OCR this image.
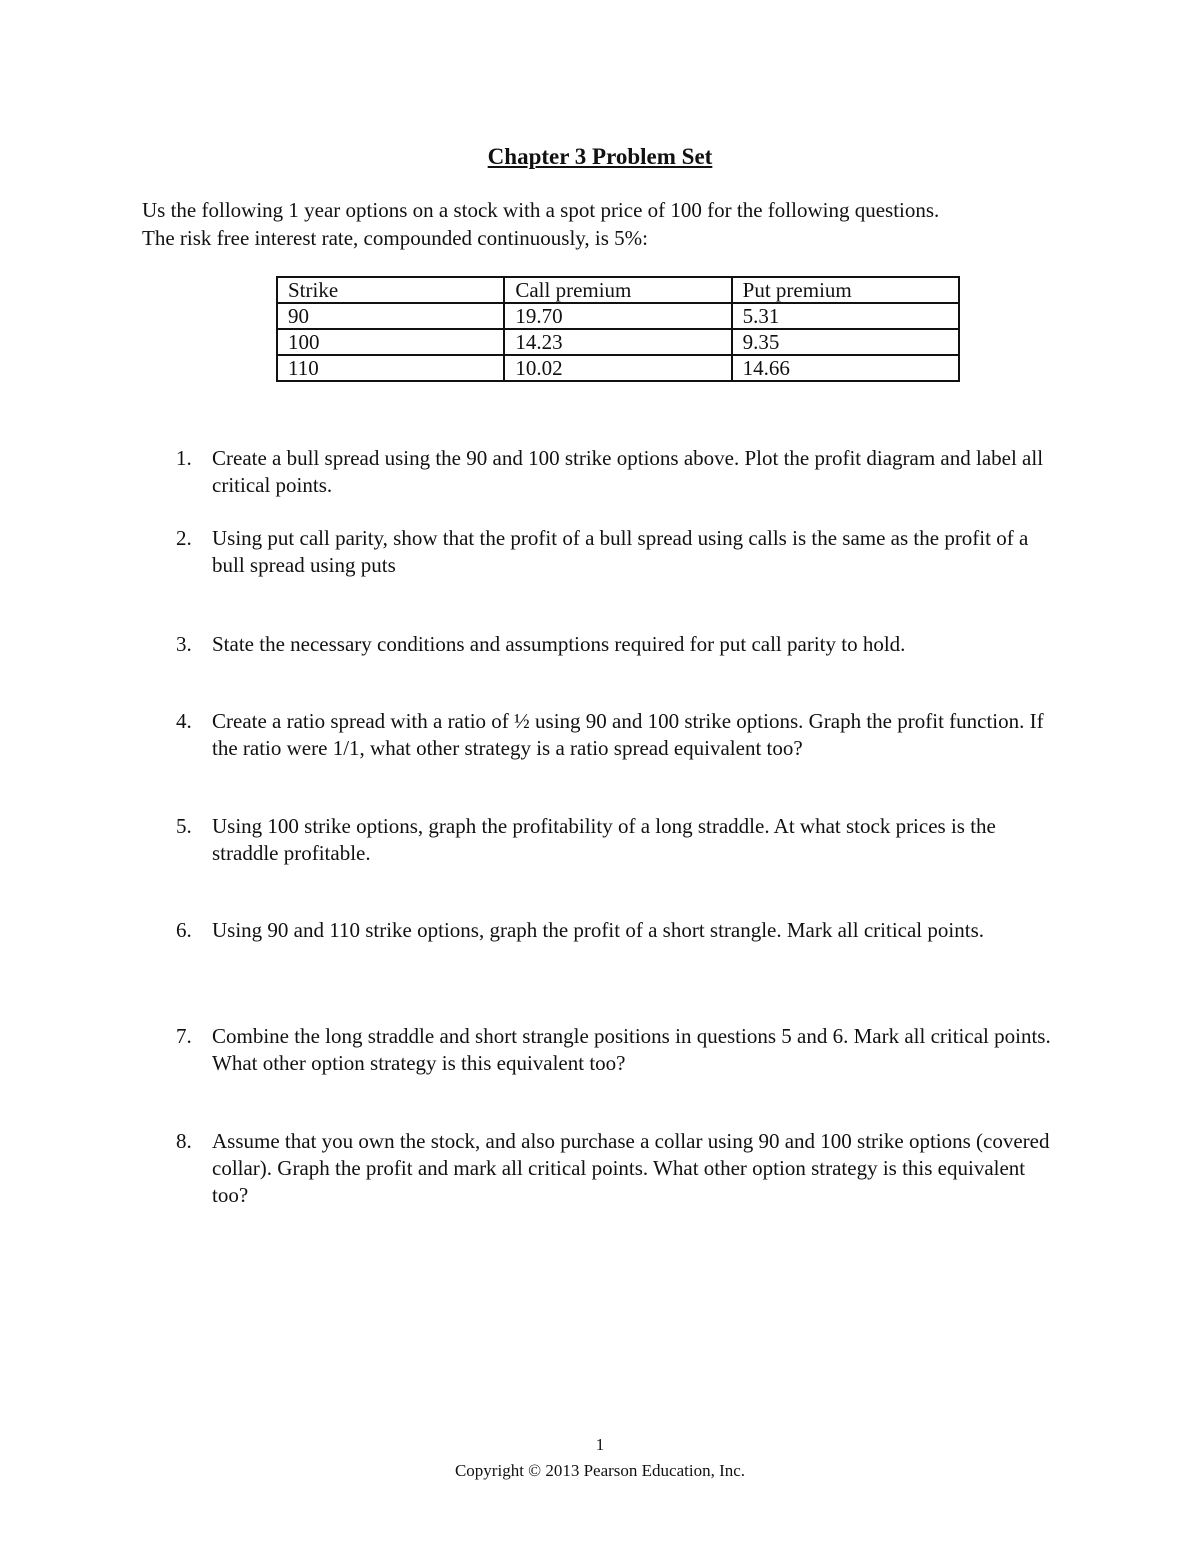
Chapter 3 Problem Set

Us the following 1 year options on a stock with a spot price of 100 for the following questions.

The risk free interest rate, compounded continuously, is 5%:

Strike	Call premium	Put premium
90	19.70	5.31
100	14.23	9.35
110	10.02	14.66
1. Create a bull spread using the 90 and 100 strike options above. Plot the profit diagram and label all critical points.
2. Using put call parity, show that the profit of a bull spread using calls is the same as the profit of a bull spread using puts
3. State the necessary conditions and assumptions required for put call parity to hold.
4. Create a ratio spread with a ratio of ½ using 90 and 100 strike options. Graph the profit function. If the ratio were 1/1, what other strategy is a ratio spread equivalent too?
5. Using 100 strike options, graph the profitability of a long straddle. At what stock prices is the straddle profitable.
6. Using 90 and 110 strike options, graph the profit of a short strangle. Mark all critical points.
7. Combine the long straddle and short strangle positions in questions 5 and 6. Mark all critical points. What other option strategy is this equivalent too?
8. Assume that you own the stock, and also purchase a collar using 90 and 100 strike options (covered collar). Graph the profit and mark all critical points. What other option strategy is this equivalent too?
1
Copyright © 2013 Pearson Education, Inc.
